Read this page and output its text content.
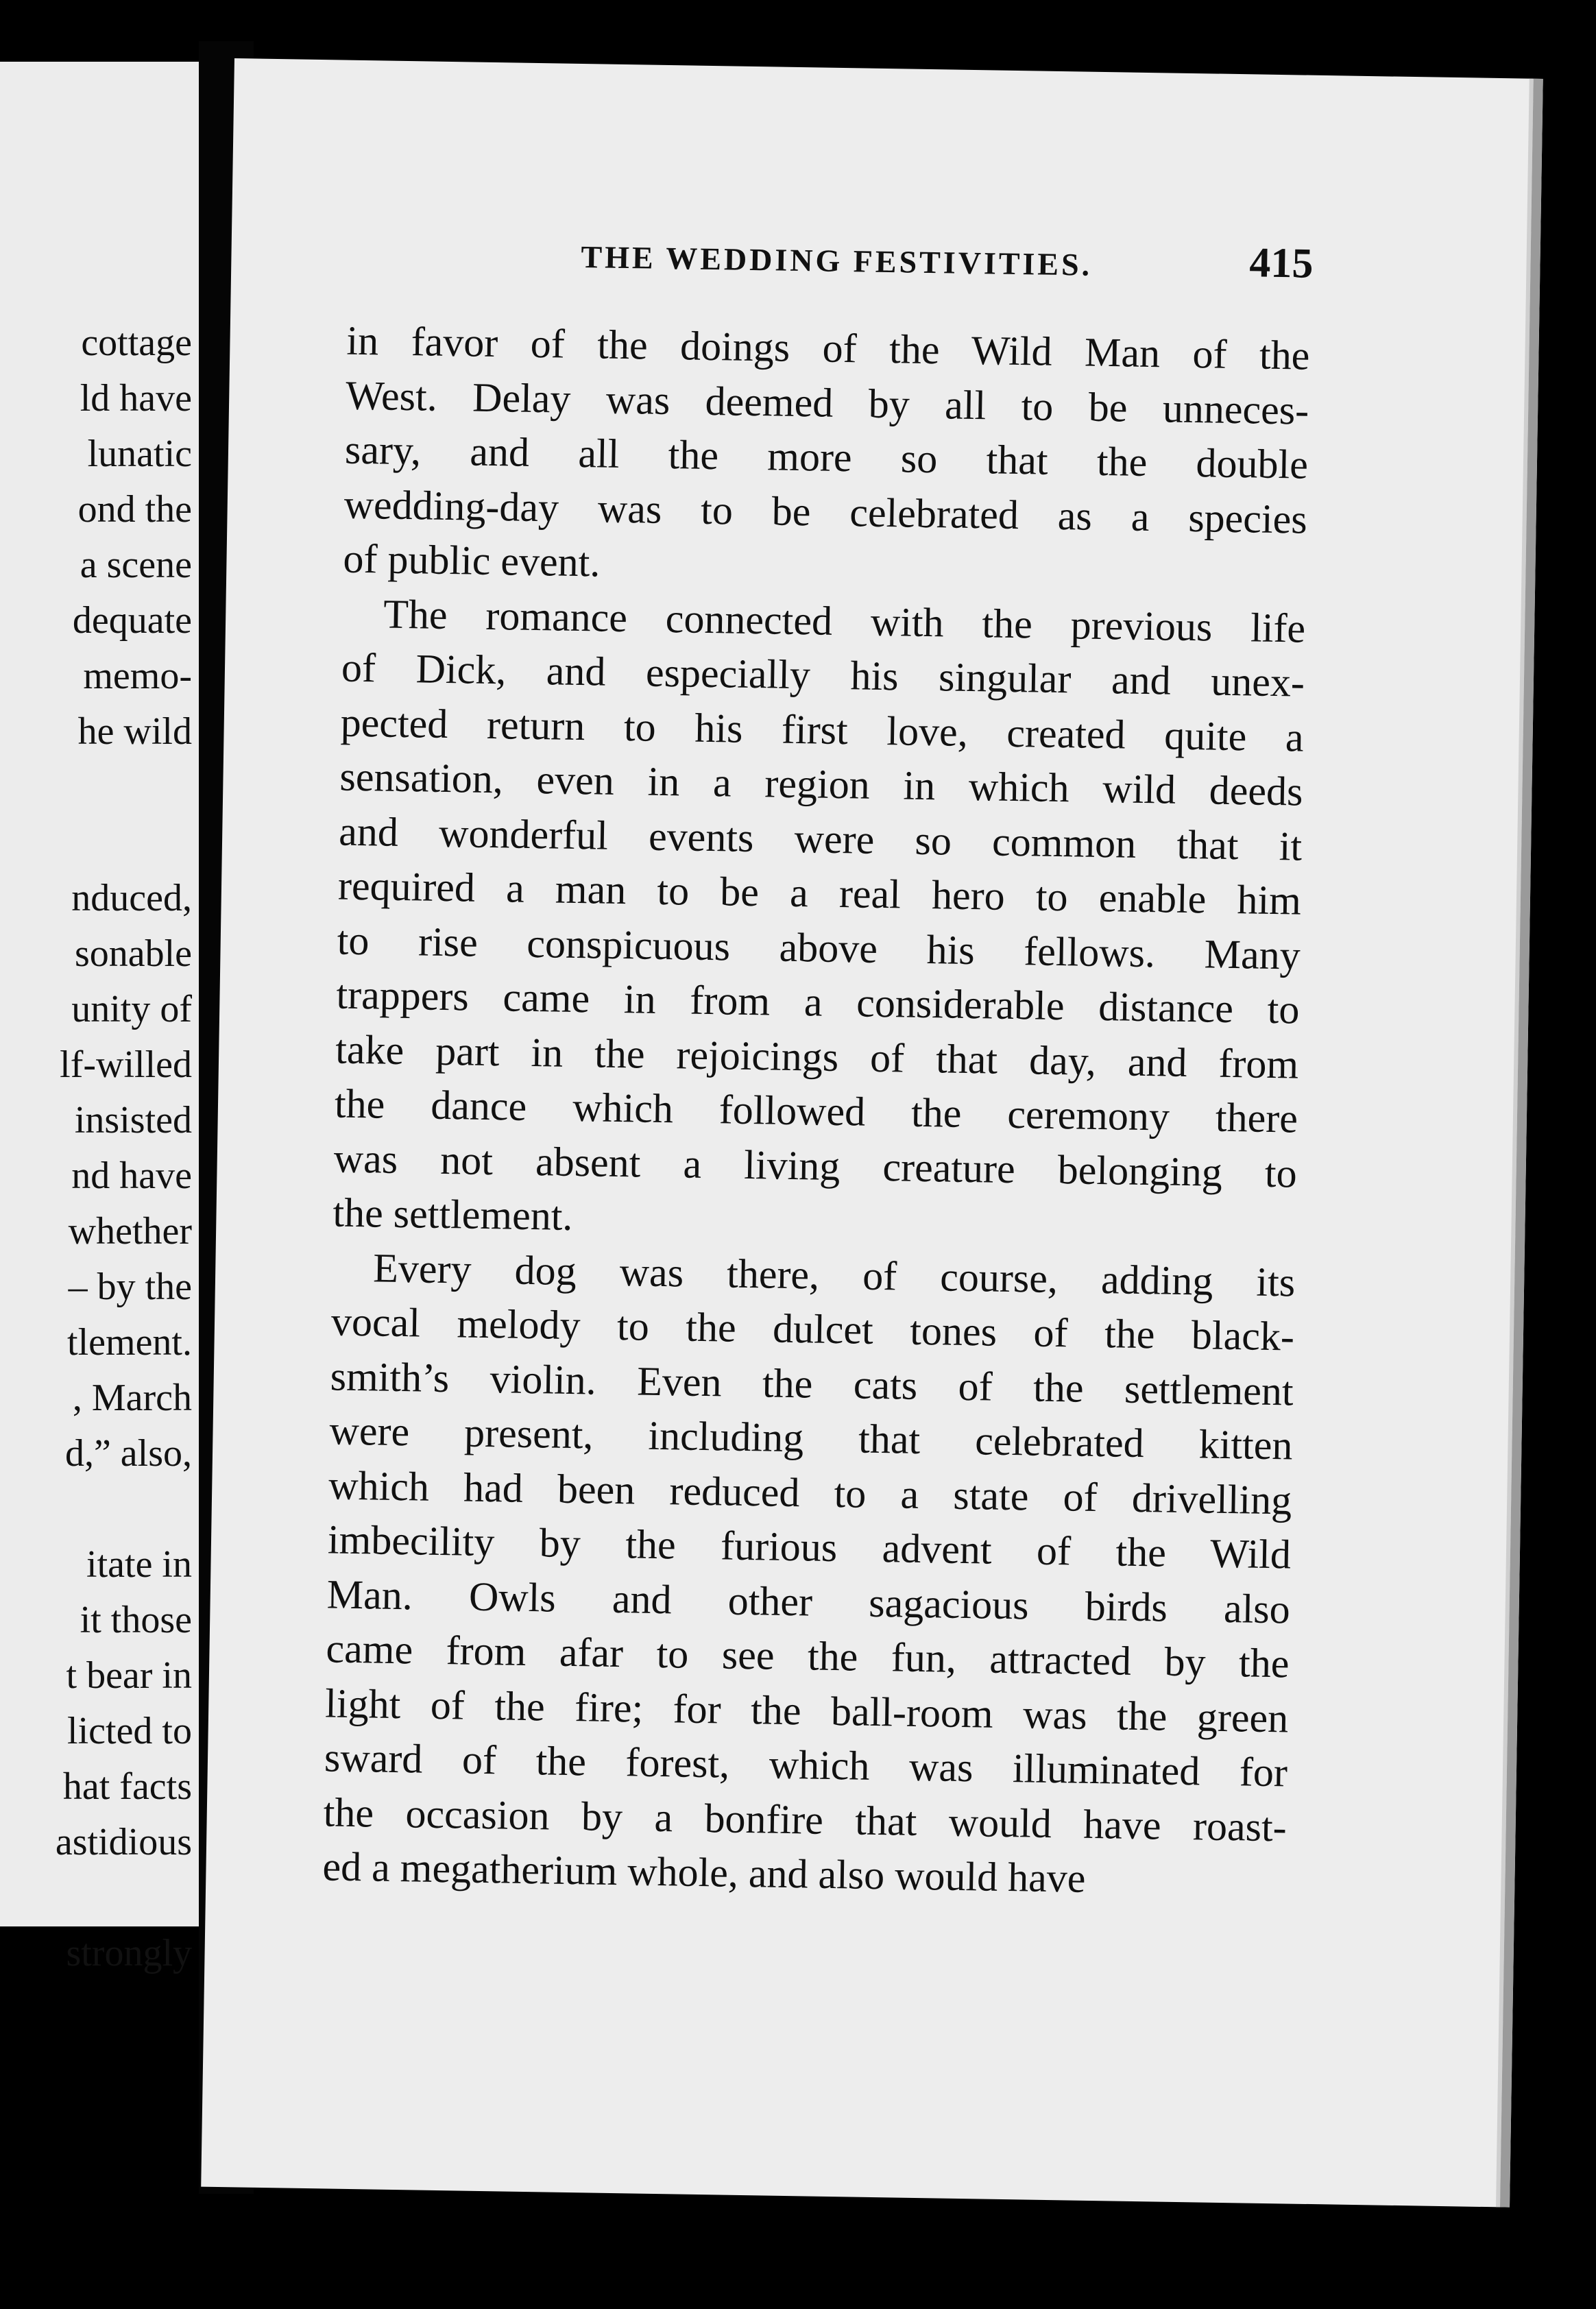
cottage
ld have
lunatic
ond the
a scene
dequate
memo-
he wild
nduced,
sonable
unity of
lf-willed
insisted
nd have
whether
– by the
tlement.
, March
d,” also,
itate in
it those
t bear in
licted to
hat facts
astidious
strongly
THE WEDDING FESTIVITIES.	415
in favor of the doings of the Wild Man of the
West. Delay was deemed by all to be unneces-
sary, and all the more so that the double
wedding-day was to be celebrated as a species
of public event.
The romance connected with the previous life
of Dick, and especially his singular and unex-
pected return to his first love, created quite a
sensation, even in a region in which wild deeds
and wonderful events were so common that it
required a man to be a real hero to enable him
to rise conspicuous above his fellows. Many
trappers came in from a considerable distance to
take part in the rejoicings of that day, and from
the dance which followed the ceremony there
was not absent a living creature belonging to
the settlement.
Every dog was there, of course, adding its
vocal melody to the dulcet tones of the black-
smith’s violin. Even the cats of the settlement
were present, including that celebrated kitten
which had been reduced to a state of drivelling
imbecility by the furious advent of the Wild
Man. Owls and other sagacious birds also
came from afar to see the fun, attracted by the
light of the fire; for the ball-room was the green
sward of the forest, which was illuminated for
the occasion by a bonfire that would have roast-
ed a megatherium whole, and also would have
